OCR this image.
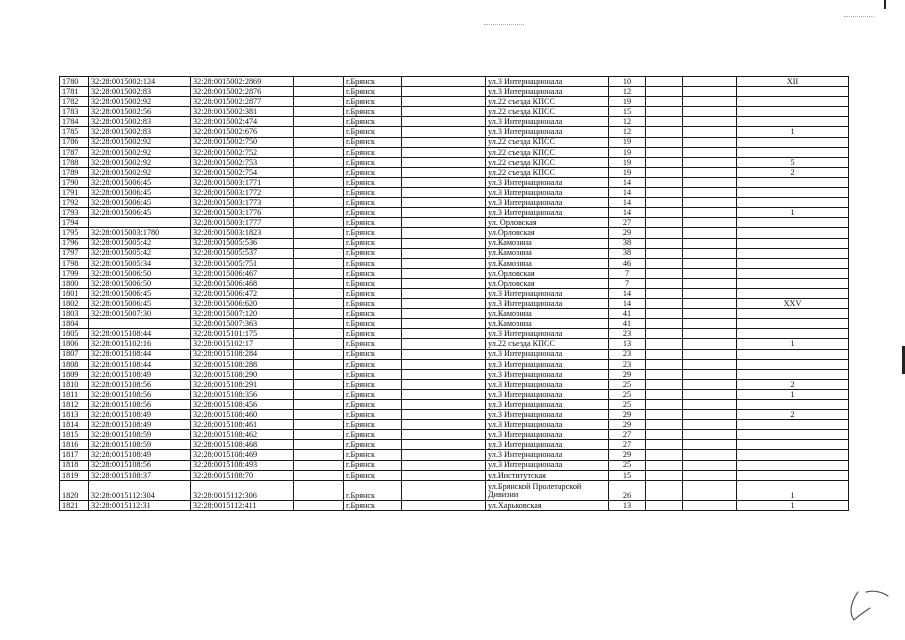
1780	32:28:0015002:124	32:28:0015002:2869		г.Брянск		ул.3 Интернационала	10			XII
1781	32:28:0015002:83	32:28:0015002:2876		г.Брянск		ул.3 Интернационала	12			
1782	32:28:0015002:92	32:28:0015002:2877		г.Брянск		ул.22 съезда КПСС	19			
1783	32:28:0015002:56	32:28:0015002:381		г.Брянск		ул.22 съезда КПСС	15			
1784	32:28:0015002:83	32:28:0015002:474		г.Брянск		ул.3 Интернационала	12			
1785	32:28:0015002:83	32:28:0015002:676		г.Брянск		ул.3 Интернационала	12			1
1786	32:28:0015002:92	32:28:0015002:750		г.Брянск		ул.22 съезда КПСС	19			
1787	32:28:0015002:92	32:28:0015002:752		г.Брянск		ул.22 съезда КПСС	19			
1788	32:28:0015002:92	32:28:0015002:753		г.Брянск		ул.22 съезда КПСС	19			5
1789	32:28:0015002:92	32:28:0015002:754		г.Брянск		ул.22 съезда КПСС	19			2
1790	32:28:0015006:45	32:28:0015003:1771		г.Брянск		ул.3 Интернационала	14			
1791	32:28:0015006:45	32:28:0015003:1772		г.Брянск		ул.3 Интернационала	14			
1792	32:28:0015006:45	32:28:0015003:1773		г.Брянск		ул.3 Интернационала	14			
1793	32:28:0015006:45	32:28:0015003:1776		г.Брянск		ул.3 Интернационала	14			1
1794		32:28:0015003:1777		г.Брянск		ул. Орловская	27			
1795	32:28:0015003:1780	32:28:0015003:1823		г.Брянск		ул.Орловская	29			
1796	32:28:0015005:42	32:28:0015005:536		г.Брянск		ул.Камозина	38			
1797	32:28:0015005:42	32:28:0015005:537		г.Брянск		ул.Камозина	38			
1798	32:28:0015005:34	32:28:0015005:751		г.Брянск		ул.Камозина	46			
1799	32:28:0015006:50	32:28:0015006:467		г.Брянск		ул.Орловская	7			
1800	32:28:0015006:50	32:28:0015006:468		г.Брянск		ул.Орловская	7			
1801	32:28:0015006:45	32:28:0015006:472		г.Брянск		ул.3 Интернационала	14			
1802	32:28:0015006:45	32:28:0015006:620		г.Брянск		ул.3 Интернационала	14			XXV
1803	32:28:0015007:30	32:28:0015007:120		г.Брянск		ул.Камозина	41			
1804		32:28:0015007:363		г.Брянск		ул.Камозина	41			
1805	32:28:0015108:44	32:28:0015101:175		г.Брянск		ул.3 Интернационала	23			
1806	32:28:0015102:16	32:28:0015102:17		г.Брянск		ул.22 съезда КПСС	13			1
1807	32:28:0015108:44	32:28:0015108:284		г.Брянск		ул.3 Интернационала	23			
1808	32:28:0015108:44	32:28:0015108:288		г.Брянск		ул.3 Интернационала	23			
1809	32:28:0015108:49	32:28:0015108:290		г.Брянск		ул.3 Интернационала	29			
1810	32:28:0015108:56	32:28:0015108:291		г.Брянск		ул.3 Интернационала	25			2
1811	32:28:0015108:56	32:28:0015108:356		г.Брянск		ул.3 Интернационала	25			1
1812	32:28:0015108:56	32:28:0015108:456		г.Брянск		ул.3 Интернационала	25			
1813	32:28:0015108:49	32:28:0015108:460		г.Брянск		ул.3 Интернационала	29			2
1814	32:28:0015108:49	32:28:0015108:461		г.Брянск		ул.3 Интернационала	29			
1815	32:28:0015108:59	32:28:0015108:462		г.Брянск		ул.3 Интернационала	27			
1816	32:28:0015108:59	32:28:0015108:468		г.Брянск		ул.3 Интернационала	27			
1817	32:28:0015108:49	32:28:0015108:469		г.Брянск		ул.3 Интернационала	29			
1818	32:28:0015108:56	32:28:0015108:493		г.Брянск		ул.3 Интернационала	25			
1819	32:28:0015108:37	32:28:0015108:70		г.Брянск		ул.Институтская	15			
1820	32:28:0015112:304	32:28:0015112:306		г.Брянск		ул.Брянской Пролетарской Дивизии	26			1
1821	32:28:0015112:31	32:28:0015112:411		г.Брянск		ул.Харьковская	13			1
